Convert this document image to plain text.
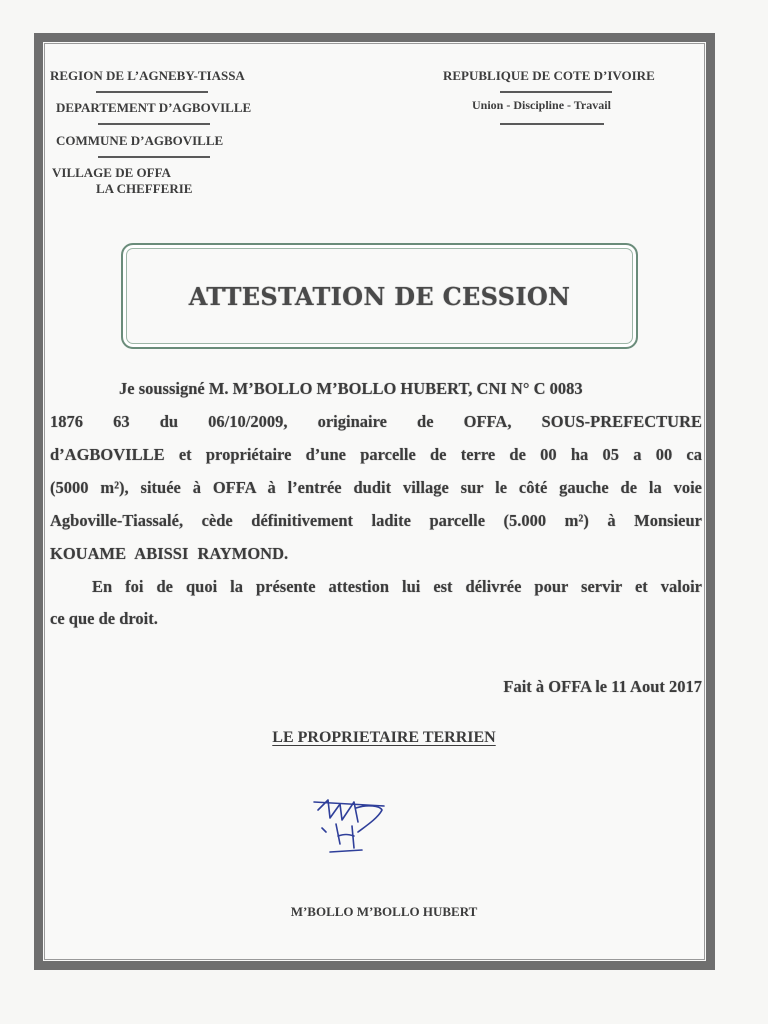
REGION DE L’AGNEBY-TIASSA
DEPARTEMENT D’AGBOVILLE
COMMUNE D’AGBOVILLE
VILLAGE DE OFFA
LA CHEFFERIE
REPUBLIQUE DE COTE D’IVOIRE
Union - Discipline - Travail
ATTESTATION DE CESSION
Je soussigné M. M’BOLLO M’BOLLO HUBERT, CNI N° C 0083
1876 63 du 06/10/2009, originaire de OFFA, SOUS-PREFECTURE
d’AGBOVILLE et propriétaire d’une parcelle de terre de 00 ha 05 a 00 ca
(5000 m²), située à OFFA à l’entrée dudit village sur le côté gauche de la voie
Agboville-Tiassalé, cède définitivement ladite parcelle (5.000 m²) à Monsieur
KOUAME ABISSI RAYMOND.
En foi de quoi la présente attestion lui est délivrée pour servir et valoir
ce que de droit.
Fait à OFFA le 11 Aout 2017
LE PROPRIETAIRE TERRIEN
M’BOLLO M’BOLLO HUBERT
